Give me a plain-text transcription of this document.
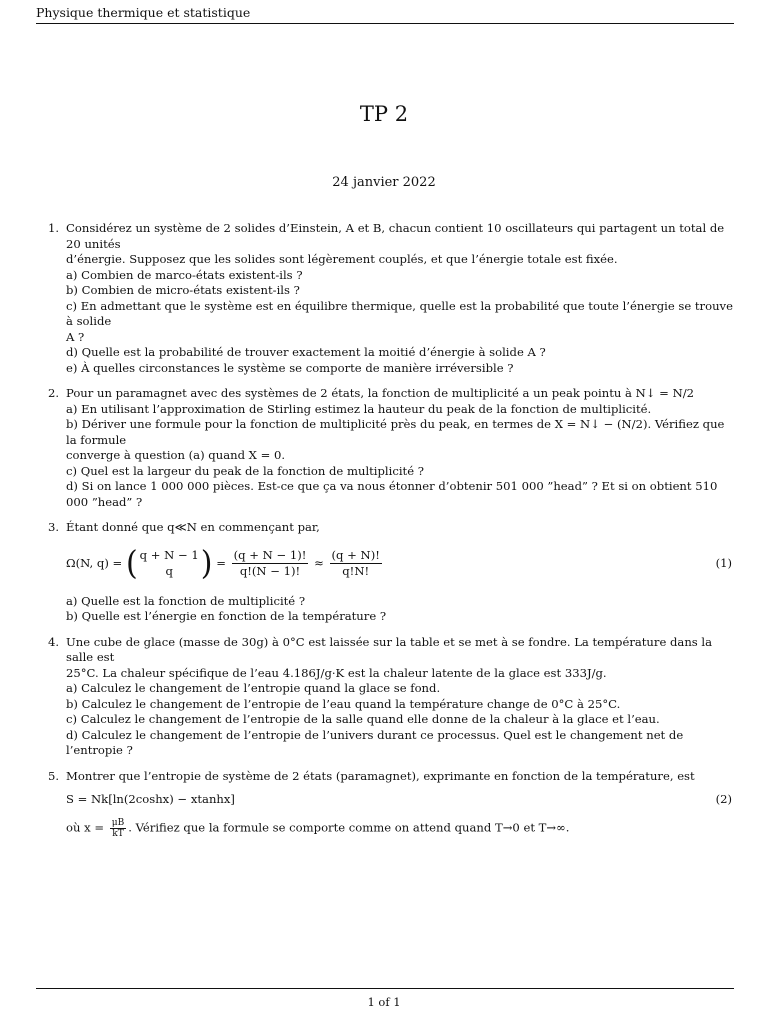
Physique thermique et statistique
TP 2
24 janvier 2022
1. Considérez un système de 2 solides d’Einstein, A et B, chacun contient 10 oscillateurs qui partagent un total de 20 unités
d’énergie. Supposez que les solides sont légèrement couplés, et que l’énergie totale est fixée.
a) Combien de marco-états existent-ils ?
b) Combien de micro-états existent-ils ?
c) En admettant que le système est en équilibre thermique, quelle est la probabilité que toute l’énergie se trouve à solide
A ?
d) Quelle est la probabilité de trouver exactement la moitié d’énergie à solide A ?
e) À quelles circonstances le système se comporte de manière irréversible ?
2. Pour un paramagnet avec des systèmes de 2 états, la fonction de multiplicité a un peak pointu à N↓ = N/2
a) En utilisant l’approximation de Stirling estimez la hauteur du peak de la fonction de multiplicité.
b) Dériver une formule pour la fonction de multiplicité près du peak, en termes de X = N↓ − (N/2). Vérifiez que la formule
converge à question (a) quand X = 0.
c) Quel est la largeur du peak de la fonction de multiplicité ?
d) Si on lance 1 000 000 pièces. Est-ce que ça va nous étonner d’obtenir 501 000 ”head” ? Et si on obtient 510 000 ”head” ?
3. Étant donné que q≪N en commençant par,
Ω(N, q) = ( q + N − 1
q ) = $\frac{(q + N - 1)!}{q!(N - 1)!} \approx \frac{(q + N)!}{q!N!}$	(1)
a) Quelle est la fonction de multiplicité ?
b) Quelle est l’énergie en fonction de la température ?
4. Une cube de glace (masse de 30g) à 0°C est laissée sur la table et se met à se fondre. La température dans la salle est
25°C. La chaleur spécifique de l’eau 4.186J/g·K est la chaleur latente de la glace est 333J/g.
a) Calculez le changement de l’entropie quand la glace se fond.
b) Calculez le changement de l’entropie de l’eau quand la température change de 0°C à 25°C.
c) Calculez le changement de l’entropie de la salle quand elle donne de la chaleur à la glace et l’eau.
d) Calculez le changement de l’entropie de l’univers durant ce processus. Quel est le changement net de l’entropie ?
5. Montrer que l’entropie de système de 2 états (paramagnet), exprimante en fonction de la température, est
S = Nk[ln(2coshx) − xtanhx]	(2)
où $x = \frac{\mu B}{kT}$ . Vérifiez que la formule se comporte comme on attend quand T→0 et T→∞.
1 of 1
